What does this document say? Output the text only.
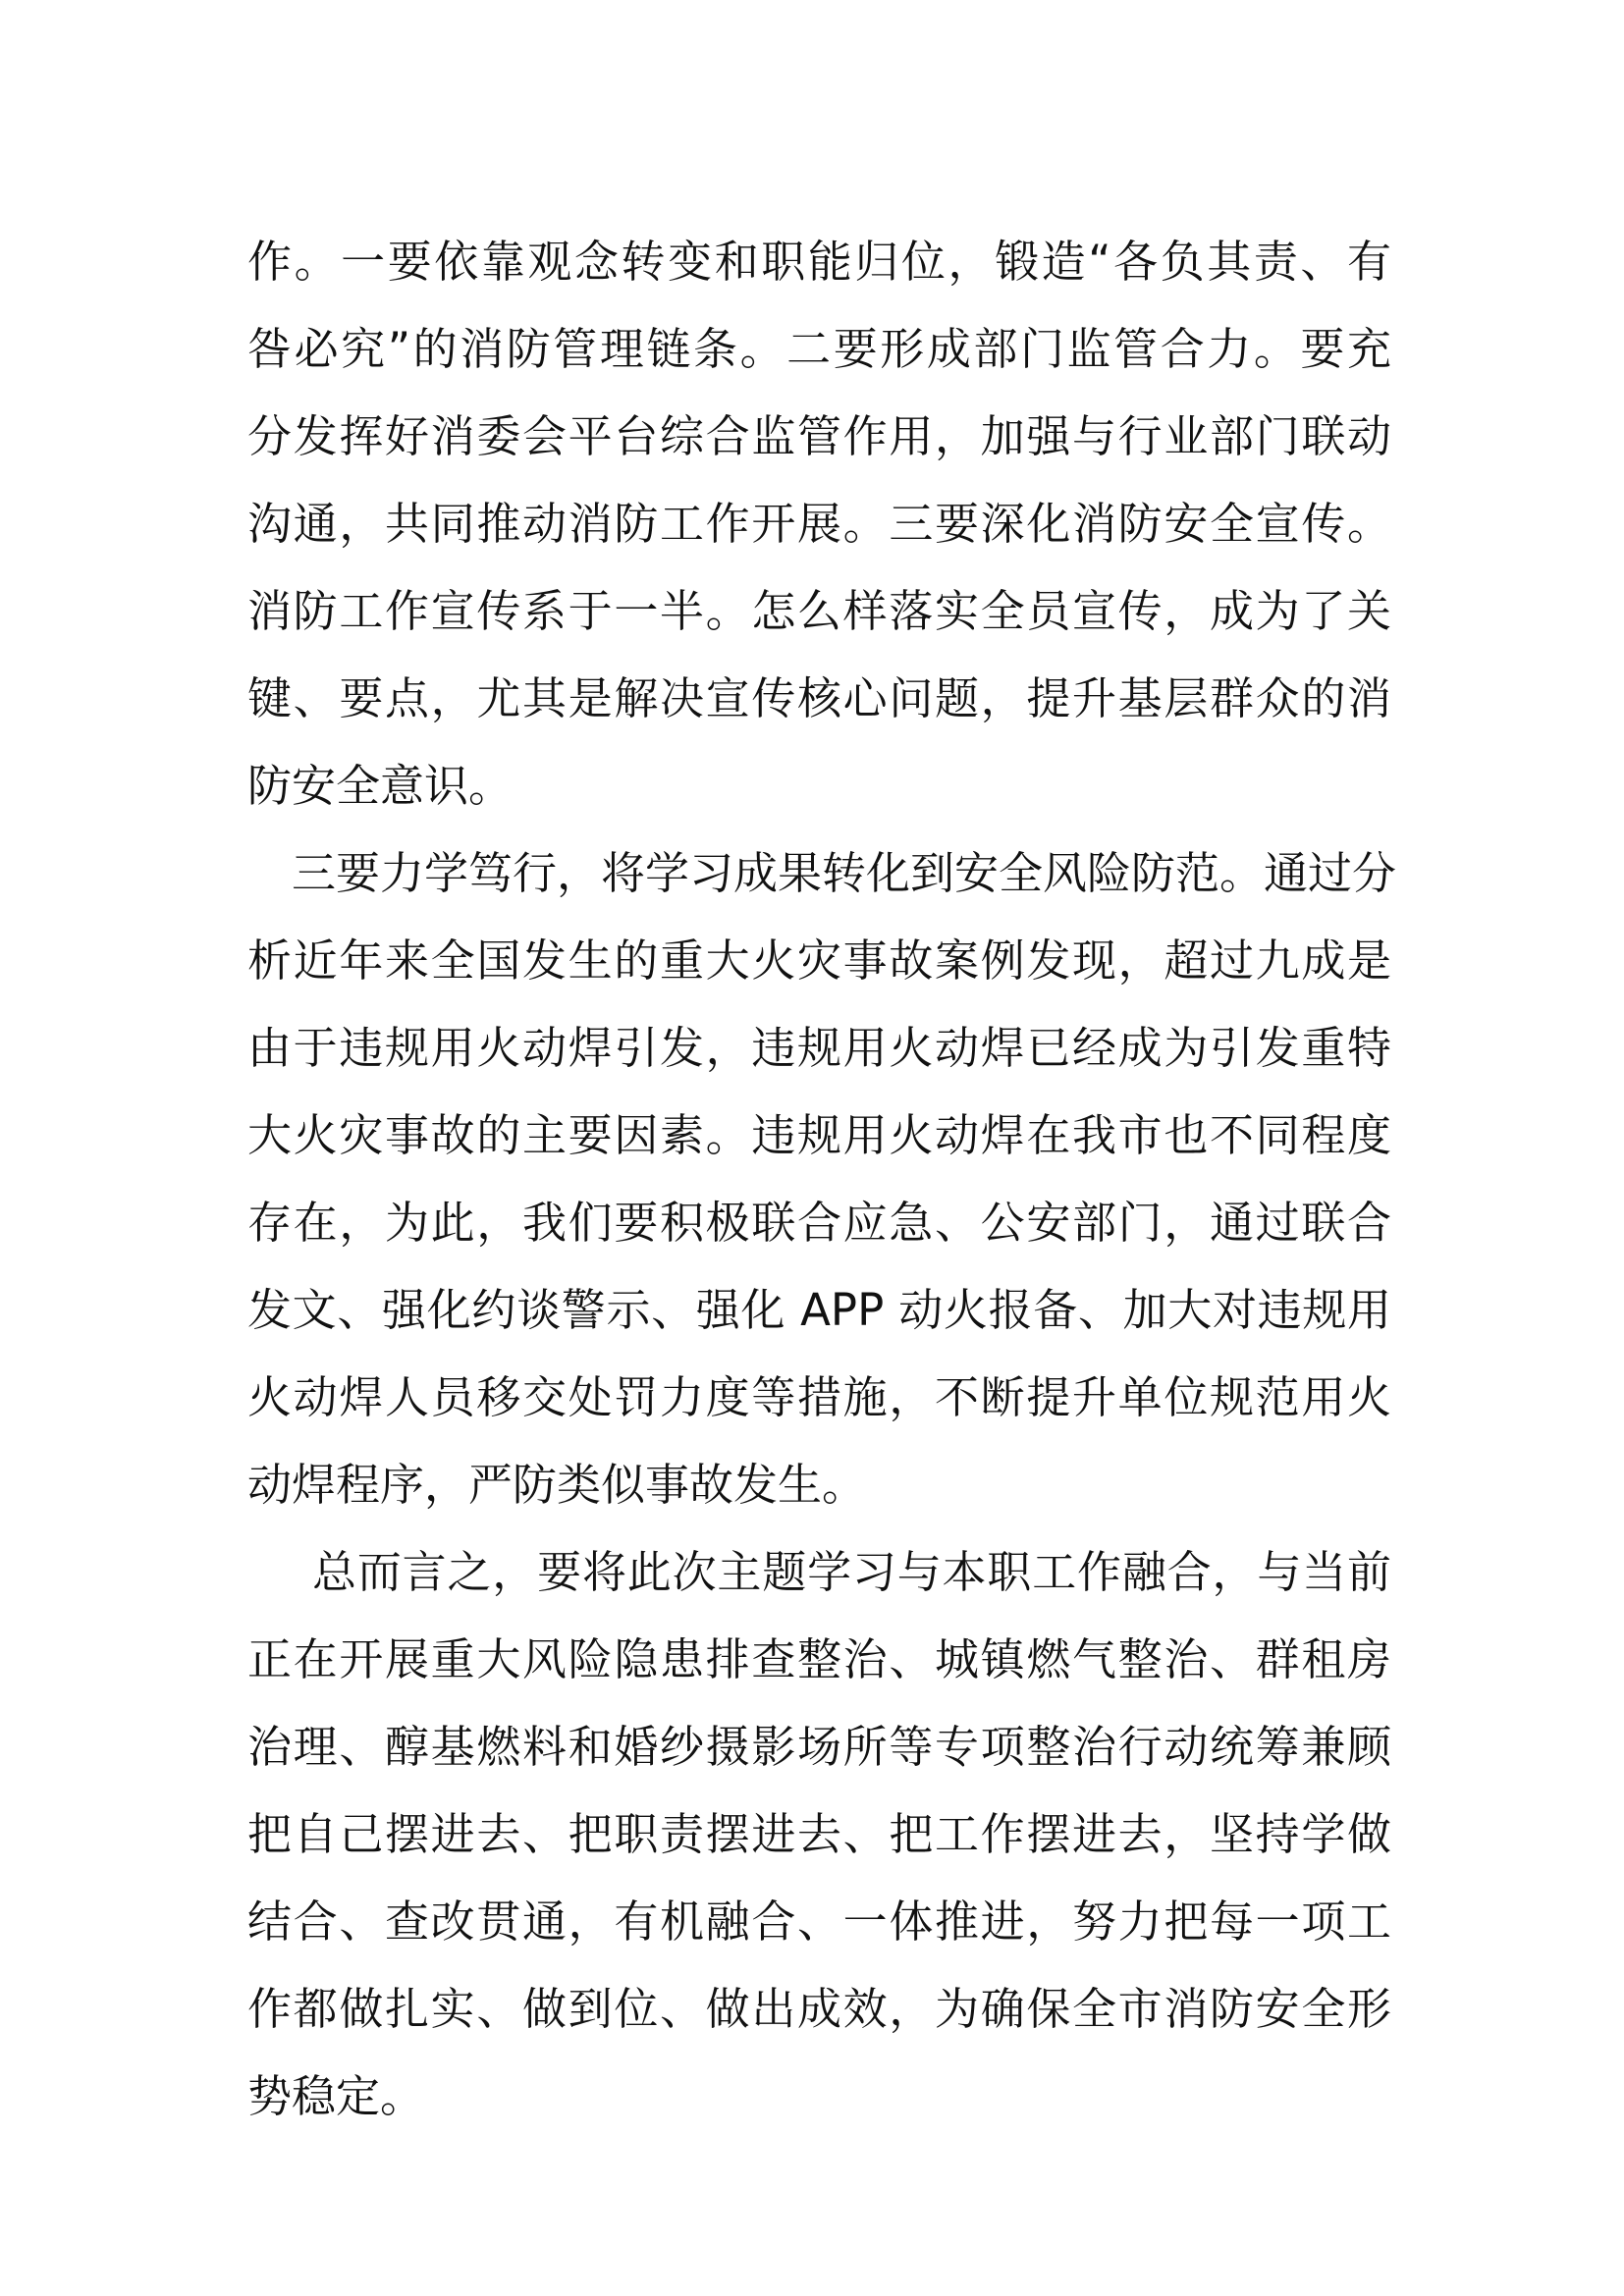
作。一要依靠观念转变和职能归位，锻造“各负其责、有
咎必究”的消防管理链条。二要形成部门监管合力。要充
分发挥好消委会平台综合监管作用，加强与行业部门联动
沟通，共同推动消防工作开展。三要深化消防安全宣传。
消防工作宣传系于一半。怎么样落实全员宣传，成为了关
键、要点，尤其是解决宣传核心问题，提升基层群众的消
防安全意识。
三要力学笃行，将学习成果转化到安全风险防范。通过分
析近年来全国发生的重大火灾事故案例发现，超过九成是
由于违规用火动焊引发，违规用火动焊已经成为引发重特
大火灾事故的主要因素。违规用火动焊在我市也不同程度
存在，为此，我们要积极联合应急、公安部门，通过联合
发文、强化约谈警示、强化 APP 动火报备、加大对违规用
火动焊人员移交处罚力度等措施，不断提升单位规范用火
动焊程序，严防类似事故发生。
总而言之，要将此次主题学习与本职工作融合，与当前
正在开展重大风险隐患排查整治、城镇燃气整治、群租房
治理、醇基燃料和婚纱摄影场所等专项整治行动统筹兼顾
把自己摆进去、把职责摆进去、把工作摆进去，坚持学做
结合、查改贯通，有机融合、一体推进，努力把每一项工
作都做扎实、做到位、做出成效，为确保全市消防安全形
势稳定。
